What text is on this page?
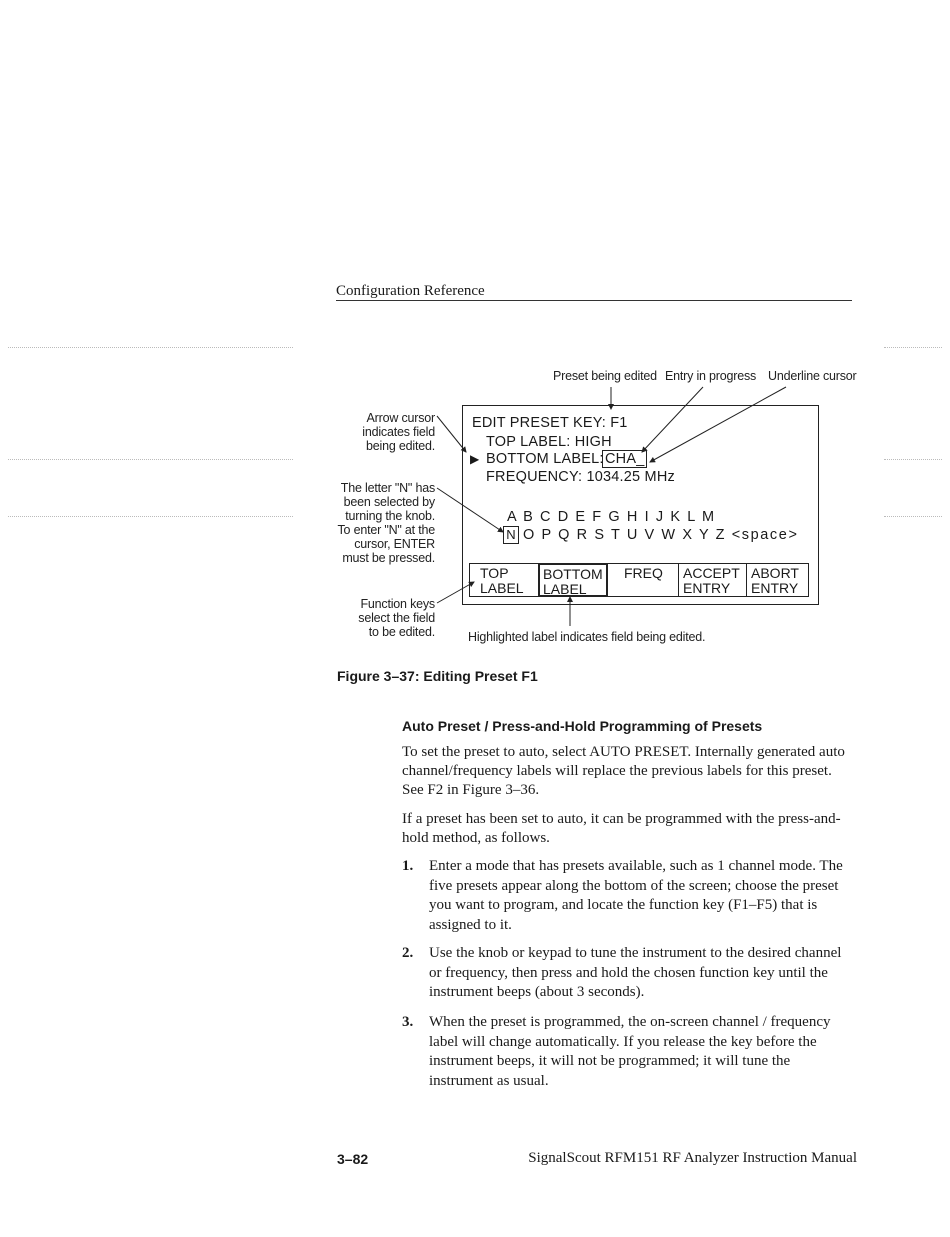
Configuration Reference
Preset being edited Entry in progress Underline cursor
Arrow cursor
indicates field
being edited.
The letter "N" has
been selected by
turning the knob.
To enter "N" at the
cursor, ENTER
must be pressed.
Function keys
select the field
to be edited.
EDIT PRESET KEY: F1
TOP LABEL: HIGH
▶ BOTTOM LABEL: CHA_
FREQUENCY: 1034.25 MHz
A B C D E F G H I J K L M
N O P Q R S T U V W X Y Z <space>
TOP
LABEL
BOTTOM
LABEL
FREQ	ACCEPT
ENTRY
ABORT
ENTRY
Highlighted label indicates field being edited.
Figure 3–37: Editing Preset F1
Auto Preset / Press-and-Hold Programming of Presets
To set the preset to auto, select AUTO PRESET. Internally generated auto channel/frequency labels will replace the previous labels for this preset. See F2 in Figure 3–36.
If a preset has been set to auto, it can be programmed with the press-and-hold method, as follows.
1. Enter a mode that has presets available, such as 1 channel mode. The five presets appear along the bottom of the screen; choose the preset you want to program, and locate the function key (F1–F5) that is assigned to it.
2. Use the knob or keypad to tune the instrument to the desired channel or frequency, then press and hold the chosen function key until the instrument beeps (about 3 seconds).
3. When the preset is programmed, the on-screen channel / frequency label will change automatically. If you release the key before the instrument beeps, it will not be programmed; it will tune the instrument as usual.
3–82	SignalScout RFM151 RF Analyzer Instruction Manual
